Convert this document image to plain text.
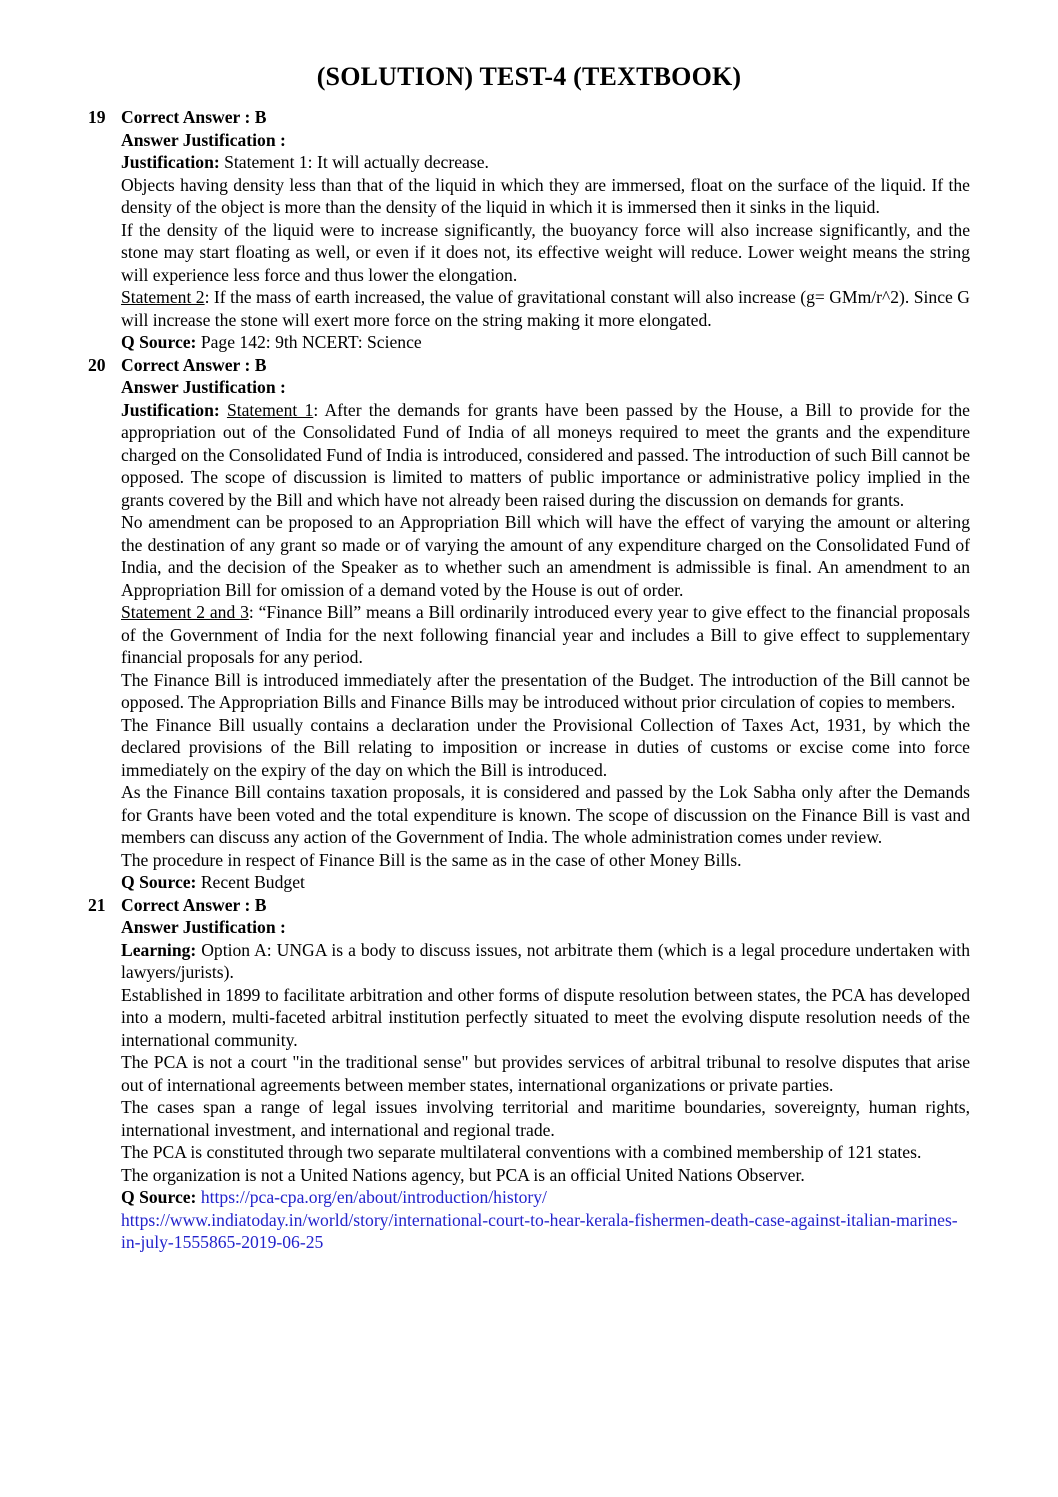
(SOLUTION) TEST-4 (TEXTBOOK)
19 Correct Answer : B
Answer Justification :
Justification: Statement 1: It will actually decrease.
Objects having density less than that of the liquid in which they are immersed, float on the surface of the liquid. If the density of the object is more than the density of the liquid in which it is immersed then it sinks in the liquid.
If the density of the liquid were to increase significantly, the buoyancy force will also increase significantly, and the stone may start floating as well, or even if it does not, its effective weight will reduce. Lower weight means the string will experience less force and thus lower the elongation.
Statement 2: If the mass of earth increased, the value of gravitational constant will also increase (g= GMm/r^2). Since G will increase the stone will exert more force on the string making it more elongated.
Q Source: Page 142: 9th NCERT: Science
20 Correct Answer : B
Answer Justification :
Justification: Statement 1: After the demands for grants have been passed by the House, a Bill to provide for the appropriation out of the Consolidated Fund of India of all moneys required to meet the grants and the expenditure charged on the Consolidated Fund of India is introduced, considered and passed. The introduction of such Bill cannot be opposed. The scope of discussion is limited to matters of public importance or administrative policy implied in the grants covered by the Bill and which have not already been raised during the discussion on demands for grants.
No amendment can be proposed to an Appropriation Bill which will have the effect of varying the amount or altering the destination of any grant so made or of varying the amount of any expenditure charged on the Consolidated Fund of India, and the decision of the Speaker as to whether such an amendment is admissible is final. An amendment to an Appropriation Bill for omission of a demand voted by the House is out of order.
Statement 2 and 3: “Finance Bill” means a Bill ordinarily introduced every year to give effect to the financial proposals of the Government of India for the next following financial year and includes a Bill to give effect to supplementary financial proposals for any period.
The Finance Bill is introduced immediately after the presentation of the Budget. The introduction of the Bill cannot be opposed. The Appropriation Bills and Finance Bills may be introduced without prior circulation of copies to members.
The Finance Bill usually contains a declaration under the Provisional Collection of Taxes Act, 1931, by which the declared provisions of the Bill relating to imposition or increase in duties of customs or excise come into force immediately on the expiry of the day on which the Bill is introduced.
As the Finance Bill contains taxation proposals, it is considered and passed by the Lok Sabha only after the Demands for Grants have been voted and the total expenditure is known. The scope of discussion on the Finance Bill is vast and members can discuss any action of the Government of India. The whole administration comes under review.
The procedure in respect of Finance Bill is the same as in the case of other Money Bills.
Q Source: Recent Budget
21 Correct Answer : B
Answer Justification :
Learning: Option A: UNGA is a body to discuss issues, not arbitrate them (which is a legal procedure undertaken with lawyers/jurists).
Established in 1899 to facilitate arbitration and other forms of dispute resolution between states, the PCA has developed into a modern, multi-faceted arbitral institution perfectly situated to meet the evolving dispute resolution needs of the international community.
The PCA is not a court "in the traditional sense" but provides services of arbitral tribunal to resolve disputes that arise out of international agreements between member states, international organizations or private parties.
The cases span a range of legal issues involving territorial and maritime boundaries, sovereignty, human rights, international investment, and international and regional trade.
The PCA is constituted through two separate multilateral conventions with a combined membership of 121 states.
The organization is not a United Nations agency, but PCA is an official United Nations Observer.
Q Source: https://pca-cpa.org/en/about/introduction/history/
https://www.indiatoday.in/world/story/international-court-to-hear-kerala-fishermen-death-case-against-italian-marines-in-july-1555865-2019-06-25
